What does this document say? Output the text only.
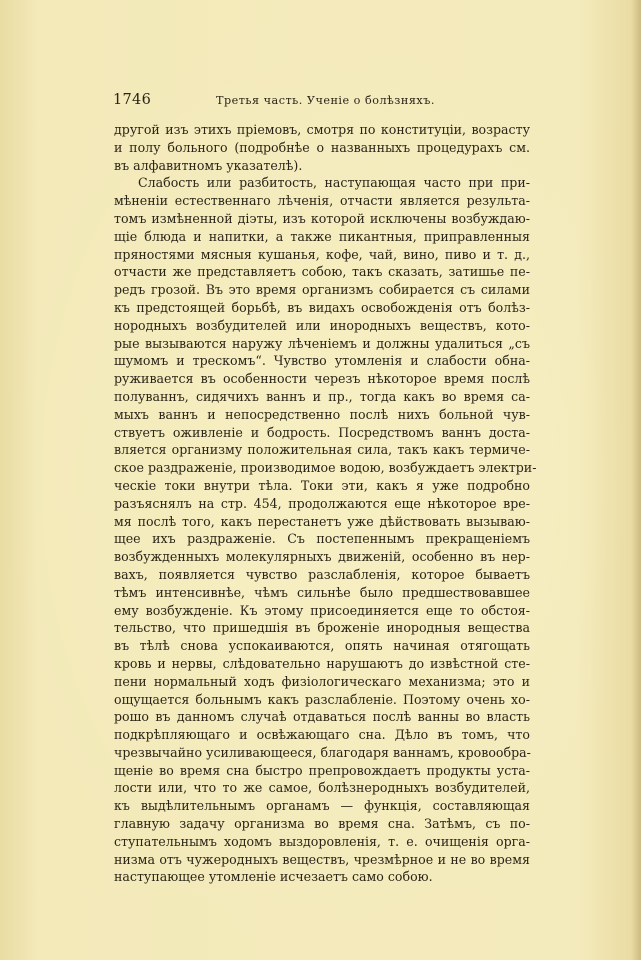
1746	Третья часть. Ученіе о болѣзняхъ.
другой изъ этихъ пріемовъ, смотря по конституціи, возрасту
и полу больного (подробнѣе о названныхъ процедурахъ см.
въ алфавитномъ указателѣ).
Слабость или разбитость, наступающая часто при при-
мѣненіи естественнаго лѣченія, отчасти является результа-
томъ измѣненной діэты, изъ которой исключены возбуждаю-
щіе блюда и напитки, а также пикантныя, приправленныя
пряностями мясныя кушанья, кофе, чай, вино, пиво и т. д.,
отчасти же представляетъ собою, такъ сказать, затишье пе-
редъ грозой. Въ это время организмъ собирается съ силами
къ предстоящей борьбѣ, въ видахъ освобожденія отъ болѣз-
нородныхъ возбудителей или инородныхъ веществъ, кото-
рые вызываются наружу лѣченіемъ и должны удалиться „съ
шумомъ и трескомъ“. Чувство утомленія и слабости обна-
руживается въ особенности черезъ нѣкоторое время послѣ
полуваннъ, сидячихъ ваннъ и пр., тогда какъ во время са-
мыхъ ваннъ и непосредственно послѣ нихъ больной чув-
ствуетъ оживленіе и бодрость. Посредствомъ ваннъ доста-
вляется организму положительная сила, такъ какъ термиче-
ское раздраженіе, производимое водою, возбуждаетъ электри-
ческіе токи внутри тѣла. Токи эти, какъ я уже подробно
разъяснялъ на стр. 454, продолжаются еще нѣкоторое вре-
мя послѣ того, какъ перестанетъ уже дѣйствовать вызываю-
щее ихъ раздраженіе. Съ постепеннымъ прекращеніемъ
возбужденныхъ молекулярныхъ движеній, особенно въ нер-
вахъ, появляется чувство разслабленія, которое бываетъ
тѣмъ интенсивнѣе, чѣмъ сильнѣе было предшествовавшее
ему возбужденіе. Къ этому присоединяется еще то обстоя-
тельство, что пришедшія въ броженіе инородныя вещества
въ тѣлѣ снова успокаиваются, опять начиная отягощать
кровь и нервы, слѣдовательно нарушаютъ до извѣстной сте-
пени нормальный ходъ физіологическаго механизма; это и
ощущается больнымъ какъ разслабленіе. Поэтому очень хо-
рошо въ данномъ случаѣ отдаваться послѣ ванны во власть
подкрѣпляющаго и освѣжающаго сна. Дѣло въ томъ, что
чрезвычайно усиливающееся, благодаря ваннамъ, кровообра-
щеніе во время сна быстро препровождаетъ продукты уста-
лости или, что то же самое, болѣзнеродныхъ возбудителей,
къ выдѣлительнымъ органамъ — функція, составляющая
главную задачу организма во время сна. Затѣмъ, съ по-
ступательнымъ ходомъ выздоровленія, т. е. очищенія орга-
низма отъ чужеродныхъ веществъ, чрезмѣрное и не во время
наступающее утомленіе исчезаетъ само собою.
